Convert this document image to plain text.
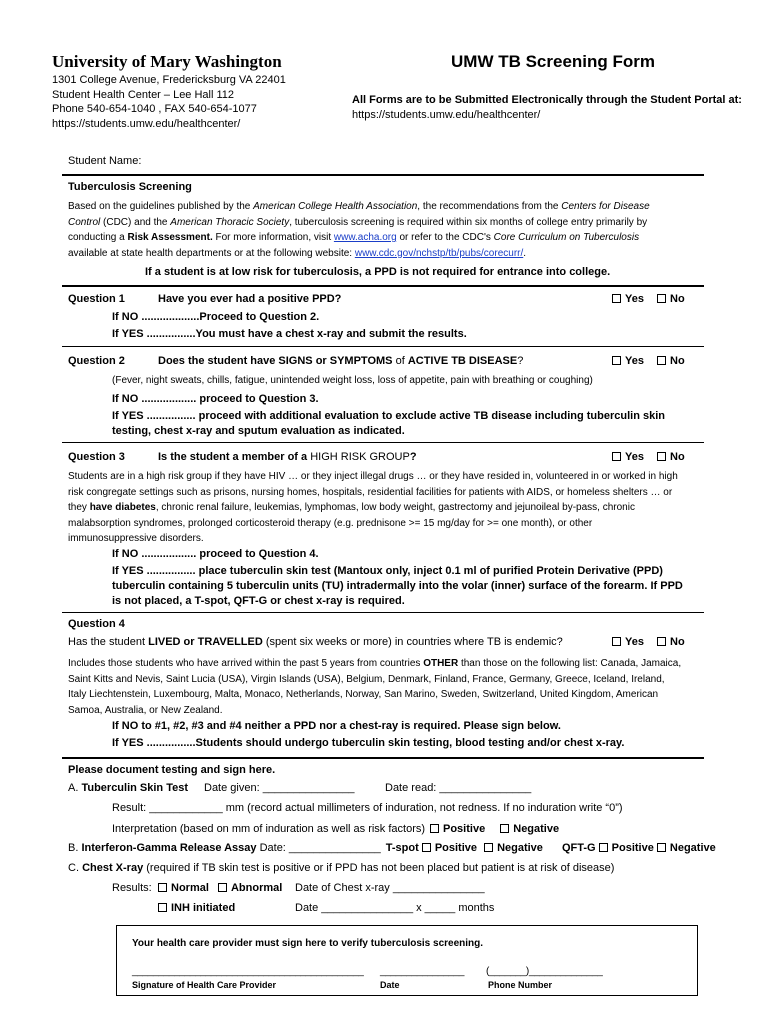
University of Mary Washington	UMW TB Screening Form
1301 College Avenue, Fredericksburg VA 22401
Student Health Center – Lee Hall 112
Phone 540-654-1040 , FAX 540-654-1077
https://students.umw.edu/healthcenter/
All Forms are to be Submitted Electronically through the Student Portal at:
https://students.umw.edu/healthcenter/
Student Name:
Tuberculosis Screening
Based on the guidelines published by the American College Health Association, the recommendations from the Centers for Disease
Control (CDC) and the American Thoracic Society, tuberculosis screening is required within six months of college entry primarily by
conducting a Risk Assessment. For more information, visit www.acha.org or refer to the CDC's Core Curriculum on Tuberculosis
available at state health departments or at the following website: www.cdc.gov/nchstp/tb/pubs/corecurr/.
If a student is at low risk for tuberculosis, a PPD is not required for entrance into college.
Question 1	Have you ever had a positive PPD?	Yes No
If NO ...................Proceed to Question 2.
If YES ................You must have a chest x-ray and submit the results.
Question 2	Does the student have SIGNS or SYMPTOMS of ACTIVE TB DISEASE?	Yes No
(Fever, night sweats, chills, fatigue, unintended weight loss, loss of appetite, pain with breathing or coughing)
If NO .................. proceed to Question 3.
If YES ................ proceed with additional evaluation to exclude active TB disease including tuberculin skin
testing, chest x-ray and sputum evaluation as indicated.
Question 3	Is the student a member of a HIGH RISK GROUP?	Yes No
Students are in a high risk group if they have HIV … or they inject illegal drugs … or they have resided in, volunteered in or worked in high
risk congregate settings such as prisons, nursing homes, hospitals, residential facilities for patients with AIDS, or homeless shelters … or
they have diabetes, chronic renal failure, leukemias, lymphomas, low body weight, gastrectomy and jejunoileal by-pass, chronic
malabsorption syndromes, prolonged corticosteroid therapy (e.g. prednisone >= 15 mg/day for >= one month), or other
immunosuppressive disorders.
If NO .................. proceed to Question 4.
If YES ................ place tuberculin skin test (Mantoux only, inject 0.1 ml of purified Protein Derivative (PPD)
tuberculin containing 5 tuberculin units (TU) intradermally into the volar (inner) surface of the forearm. If PPD
is not placed, a T-spot, QFT-G or chest x-ray is required.
Question 4
Has the student LIVED or TRAVELLED (spent six weeks or more) in countries where TB is endemic?	Yes No
Includes those students who have arrived within the past 5 years from countries OTHER than those on the following list: Canada, Jamaica,
Saint Kitts and Nevis, Saint Lucia (USA), Virgin Islands (USA), Belgium, Denmark, Finland, France, Germany, Greece, Iceland, Ireland,
Italy Liechtenstein, Luxembourg, Malta, Monaco, Netherlands, Norway, San Marino, Sweden, Switzerland, United Kingdom, American
Samoa, Australia, or New Zealand.
If NO to #1, #2, #3 and #4 neither a PPD nor a chest-ray is required. Please sign below.
If YES ................Students should undergo tuberculin skin testing, blood testing and/or chest x-ray.
Please document testing and sign here.
A. Tuberculin Skin Test Date given: _______________	Date read: _______________
Result: ____________ mm (record actual millimeters of induration, not redness. If no induration write “0”)
Interpretation (based on mm of induration as well as risk factors)	Positive	Negative
B. Interferon-Gamma Release Assay Date: _______________ T-spot Positive Negative QFT-G Positive Negative
C. Chest X-ray (required if TB skin test is positive or if PPD has not been placed but patient is at risk of disease)
Results:	Normal Abnormal Date of Chest x-ray _______________
INH initiated	Date _______________ x _____ months
Your health care provider must sign here to verify tuberculosis screening.
____________________________________________ ________________ (_______)______________
Signature of Health Care Provider	Date	Phone Number
